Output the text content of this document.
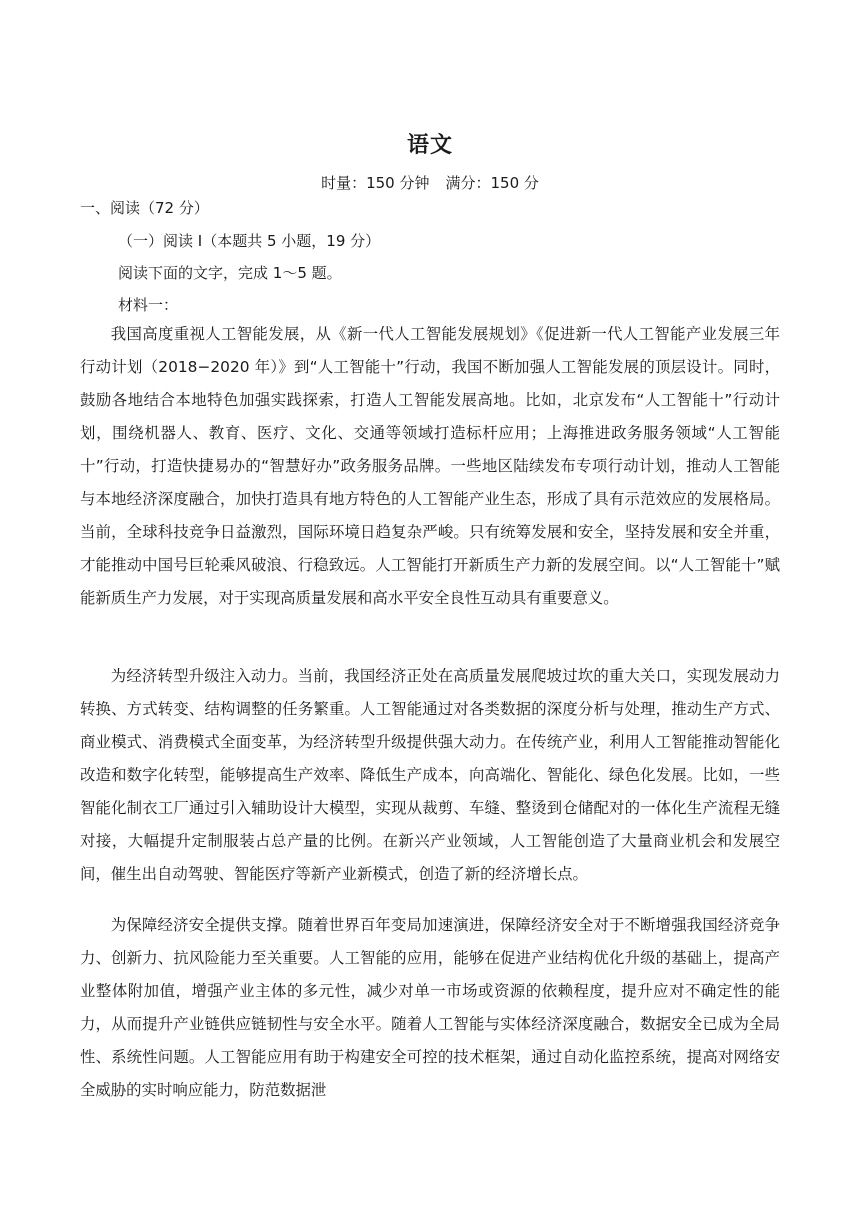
语文
时量：150 分钟 满分：150 分
一、阅读（72 分）
（一）阅读 I（本题共 5 小题，19 分）
阅读下面的文字，完成 1～5 题。
材料一：

我国高度重视人工智能发展，从《新一代人工智能发展规划》《促进新一代人工智能产业发展三年行动计划（2018−2020 年）》到“人工智能十”行动，我国不断加强人工智能发展的顶层设计。同时，鼓励各地结合本地特色加强实践探索，打造人工智能发展高地。比如，北京发布“人工智能十”行动计划，围绕机器人、教育、医疗、文化、交通等领域打造标杆应用；上海推进政务服务领域“人工智能十”行动，打造快捷易办的“智慧好办”政务服务品牌。一些地区陆续发布专项行动计划，推动人工智能与本地经济深度融合，加快打造具有地方特色的人工智能产业生态，形成了具有示范效应的发展格局。当前，全球科技竞争日益激烈，国际环境日趋复杂严峻。只有统筹发展和安全，坚持发展和安全并重，才能推动中国号巨轮乘风破浪、行稳致远。人工智能打开新质生产力新的发展空间。以“人工智能十”赋能新质生产力发展，对于实现高质量发展和高水平安全良性互动具有重要意义。

为经济转型升级注入动力。当前，我国经济正处在高质量发展爬坡过坎的重大关口，实现发展动力转换、方式转变、结构调整的任务繁重。人工智能通过对各类数据的深度分析与处理，推动生产方式、商业模式、消费模式全面变革，为经济转型升级提供强大动力。在传统产业，利用人工智能推动智能化改造和数字化转型，能够提高生产效率、降低生产成本，向高端化、智能化、绿色化发展。比如，一些智能化制衣工厂通过引入辅助设计大模型，实现从裁剪、车缝、整烫到仓储配对的一体化生产流程无缝对接，大幅提升定制服装占总产量的比例。在新兴产业领域，人工智能创造了大量商业机会和发展空间，催生出自动驾驶、智能医疗等新产业新模式，创造了新的经济增长点。

为保障经济安全提供支撑。随着世界百年变局加速演进，保障经济安全对于不断增强我国经济竞争力、创新力、抗风险能力至关重要。人工智能的应用，能够在促进产业结构优化升级的基础上，提高产业整体附加值，增强产业主体的多元性，减少对单一市场或资源的依赖程度，提升应对不确定性的能力，从而提升产业链供应链韧性与安全水平。随着人工智能与实体经济深度融合，数据安全已成为全局性、系统性问题。人工智能应用有助于构建安全可控的技术框架，通过自动化监控系统，提高对网络安全威胁的实时响应能力，防范数据泄
